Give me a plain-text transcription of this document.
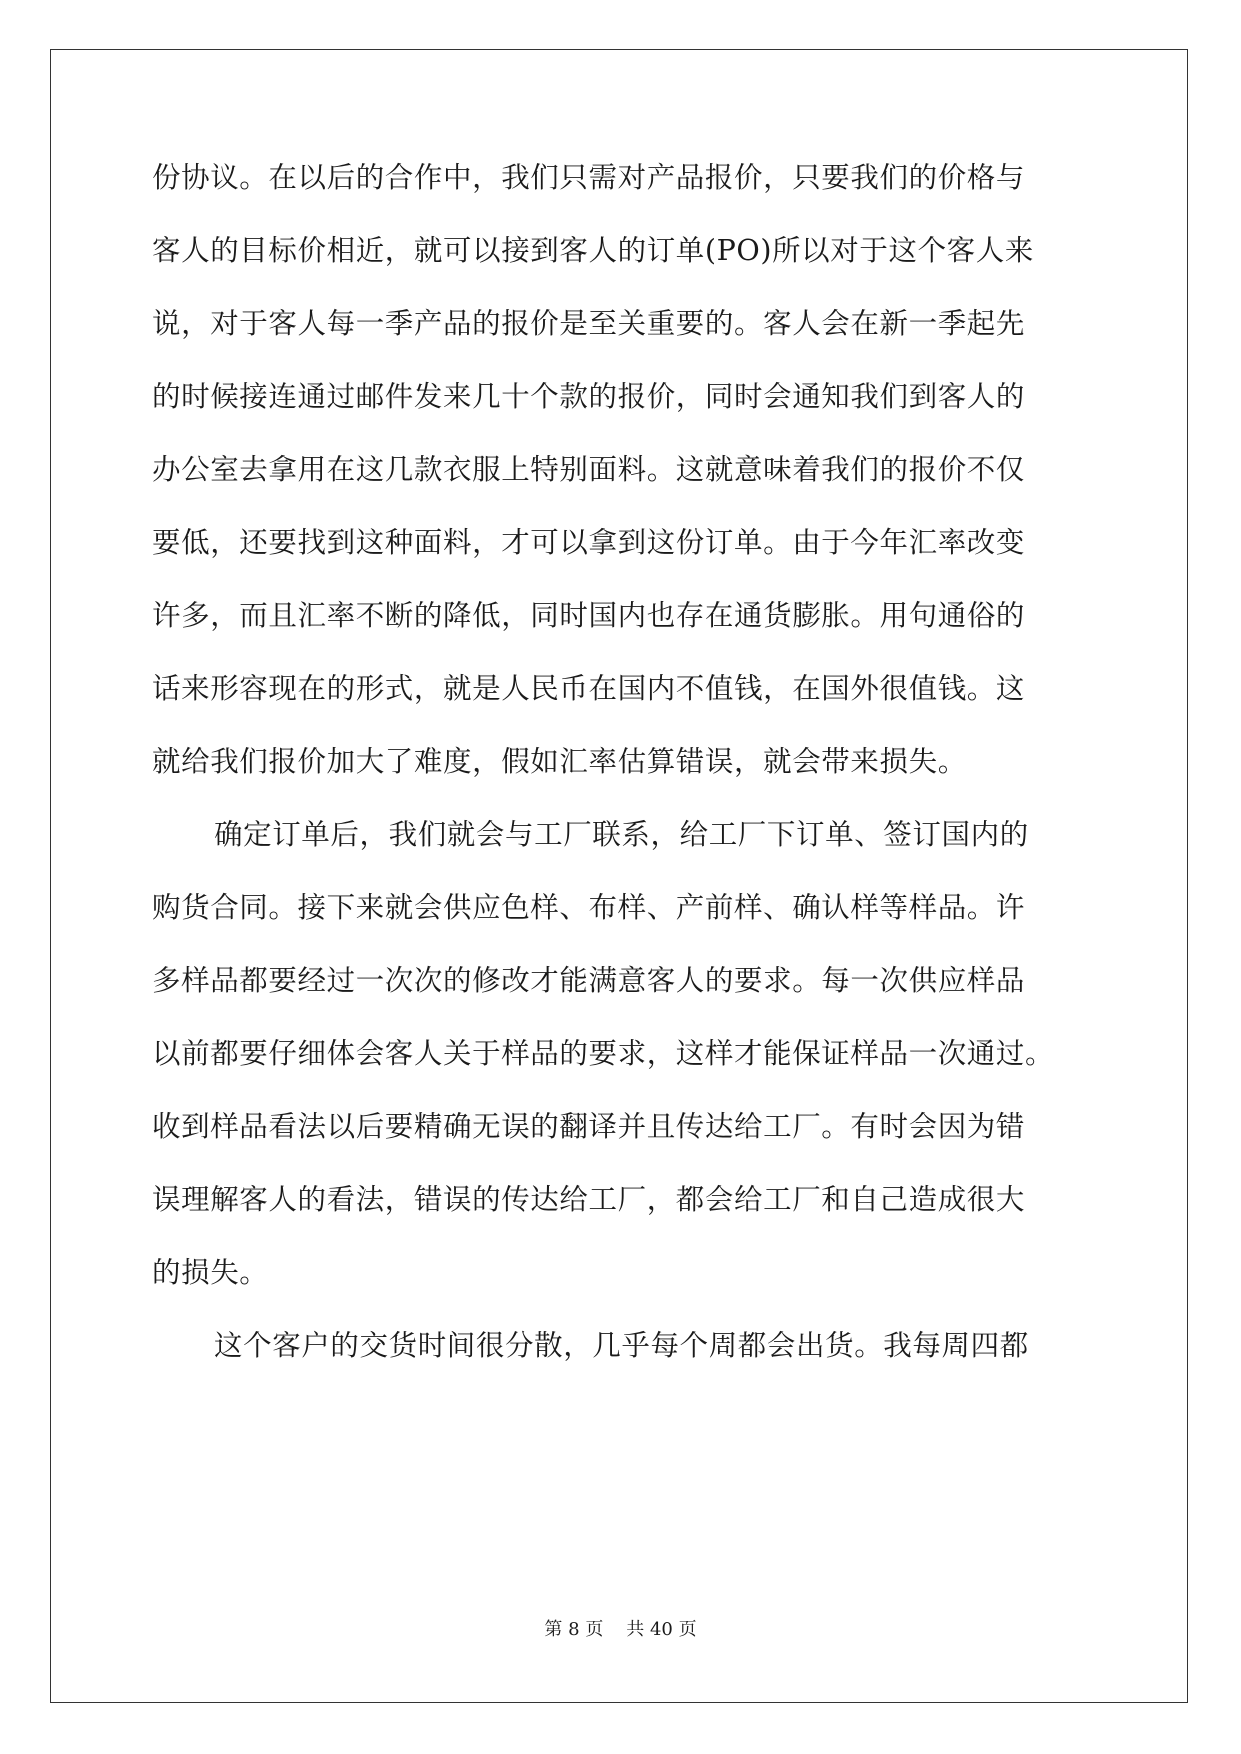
份协议。在以后的合作中，我们只需对产品报价，只要我们的价格与
客人的目标价相近，就可以接到客人的订单(PO)所以对于这个客人来
说，对于客人每一季产品的报价是至关重要的。客人会在新一季起先
的时候接连通过邮件发来几十个款的报价，同时会通知我们到客人的
办公室去拿用在这几款衣服上特别面料。这就意味着我们的报价不仅
要低，还要找到这种面料，才可以拿到这份订单。由于今年汇率改变
许多，而且汇率不断的降低，同时国内也存在通货膨胀。用句通俗的
话来形容现在的形式，就是人民币在国内不值钱，在国外很值钱。这
就给我们报价加大了难度，假如汇率估算错误，就会带来损失。
确定订单后，我们就会与工厂联系，给工厂下订单、签订国内的
购货合同。接下来就会供应色样、布样、产前样、确认样等样品。许
多样品都要经过一次次的修改才能满意客人的要求。每一次供应样品
以前都要仔细体会客人关于样品的要求，这样才能保证样品一次通过。
收到样品看法以后要精确无误的翻译并且传达给工厂。有时会因为错
误理解客人的看法，错误的传达给工厂，都会给工厂和自己造成很大
的损失。
这个客户的交货时间很分散，几乎每个周都会出货。我每周四都
第 8 页 共 40 页
